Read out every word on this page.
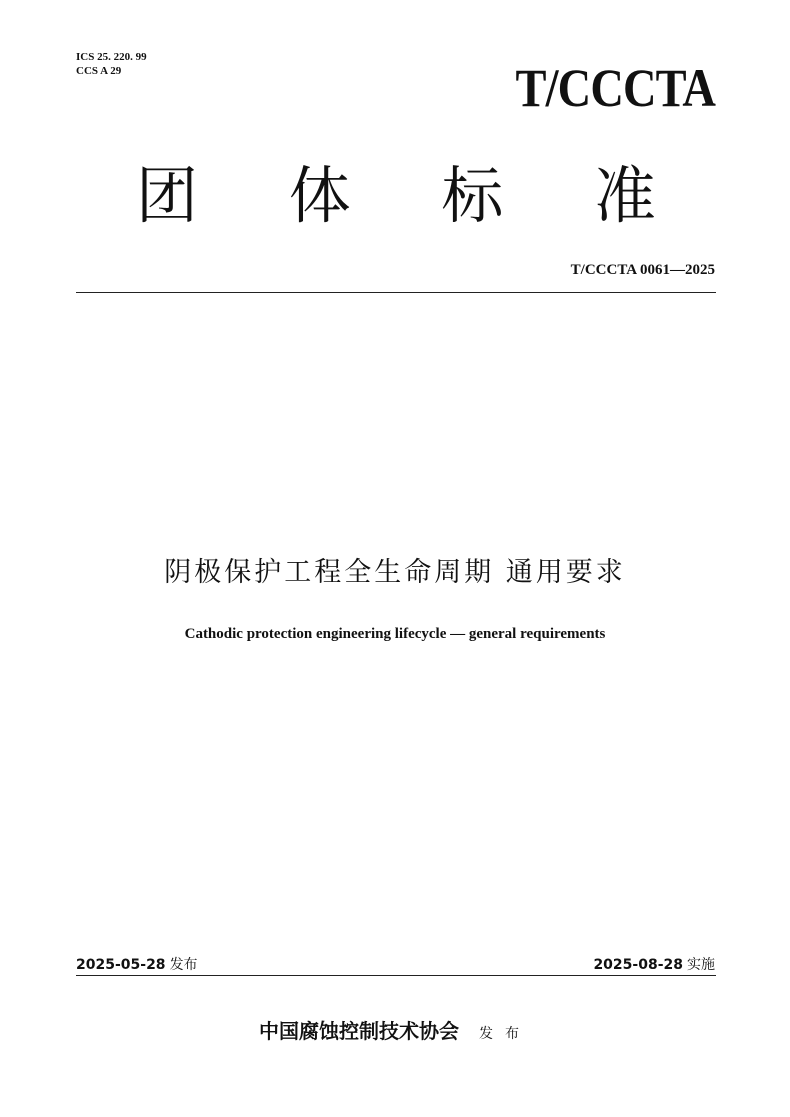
ICS 25. 220. 99
CCS A 29	T/CCCTA
团 体 标 准
T/CCCTA 0061—2025
阴极保护工程全生命周期 通用要求
Cathodic protection engineering lifecycle — general requirements
2025-05-28 发布	2025-08-28 实施
中国腐蚀控制技术协会 发布
